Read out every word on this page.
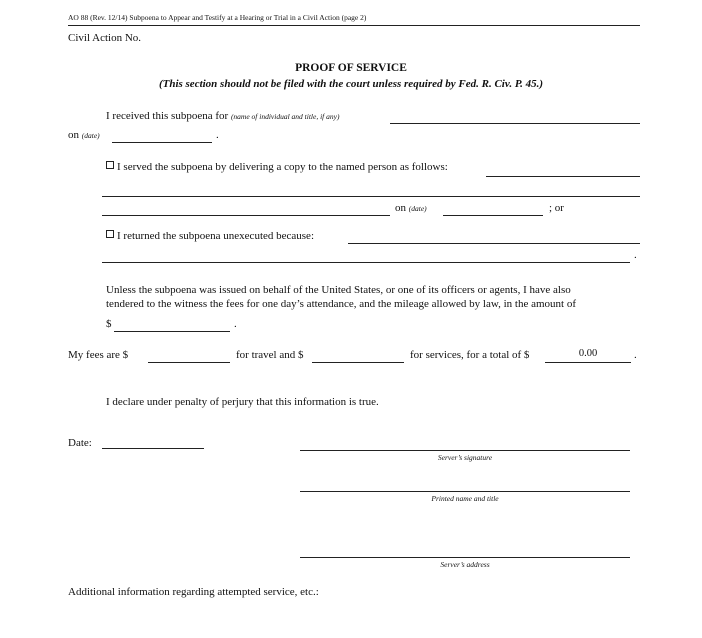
AO 88 (Rev. 12/14) Subpoena to Appear and Testify at a Hearing or Trial in a Civil Action (page 2)
Civil Action No.
PROOF OF SERVICE
(This section should not be filed with the court unless required by Fed. R. Civ. P. 45.)
I received this subpoena for (name of individual and title, if any)
on (date)	.
I served the subpoena by delivering a copy to the named person as follows:
on (date)	; or
I returned the subpoena unexecuted because:
.
Unless the subpoena was issued on behalf of the United States, or one of its officers or agents, I have also
tendered to the witness the fees for one day’s attendance, and the mileage allowed by law, in the amount of
$	.
My fees are $	for travel and $	for services, for a total of $	0.00	.
I declare under penalty of perjury that this information is true.
Date:
Server’s signature
Printed name and title
Server’s address
Additional information regarding attempted service, etc.:
